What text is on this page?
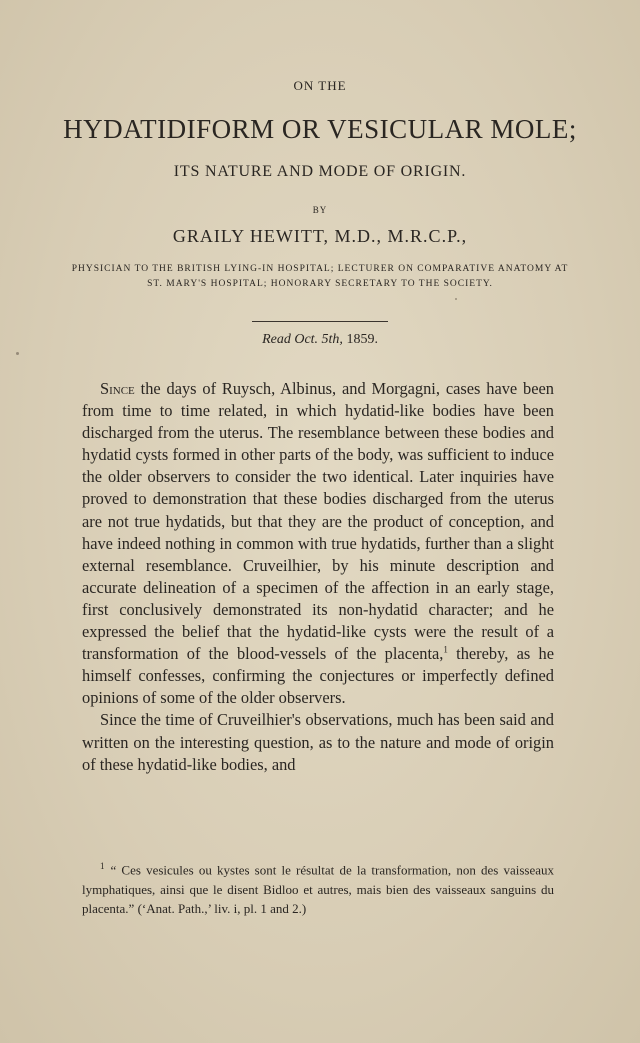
ON THE
HYDATIDIFORM OR VESICULAR MOLE;
ITS NATURE AND MODE OF ORIGIN.
BY
GRAILY HEWITT, M.D., M.R.C.P.,
PHYSICIAN TO THE BRITISH LYING-IN HOSPITAL; LECTURER ON COMPARATIVE ANATOMY AT ST. MARY'S HOSPITAL; HONORARY SECRETARY TO THE SOCIETY.
Read Oct. 5th, 1859.

Since the days of Ruysch, Albinus, and Morgagni, cases have been from time to time related, in which hydatid-like bodies have been discharged from the uterus. The resemblance between these bodies and hydatid cysts formed in other parts of the body, was sufficient to induce the older observers to consider the two identical. Later inquiries have proved to demonstration that these bodies discharged from the uterus are not true hydatids, but that they are the product of conception, and have indeed nothing in common with true hydatids, further than a slight external resemblance. Cruveilhier, by his minute description and accurate delineation of a specimen of the affection in an early stage, first conclusively demonstrated its non-hydatid character; and he expressed the belief that the hydatid-like cysts were the result of a transformation of the blood-vessels of the placenta,$^1$ thereby, as he himself confesses, confirming the conjectures or imperfectly defined opinions of some of the older observers.

Since the time of Cruveilhier's observations, much has been said and written on the interesting question, as to the nature and mode of origin of these hydatid-like bodies, and

$^1$ “ Ces vesicules ou kystes sont le résultat de la transformation, non des vaisseaux lymphatiques, ainsi que le disent Bidloo et autres, mais bien des vaisseaux sanguins du placenta.” (‘Anat. Path.,’ liv. i, pl. 1 and 2.)
